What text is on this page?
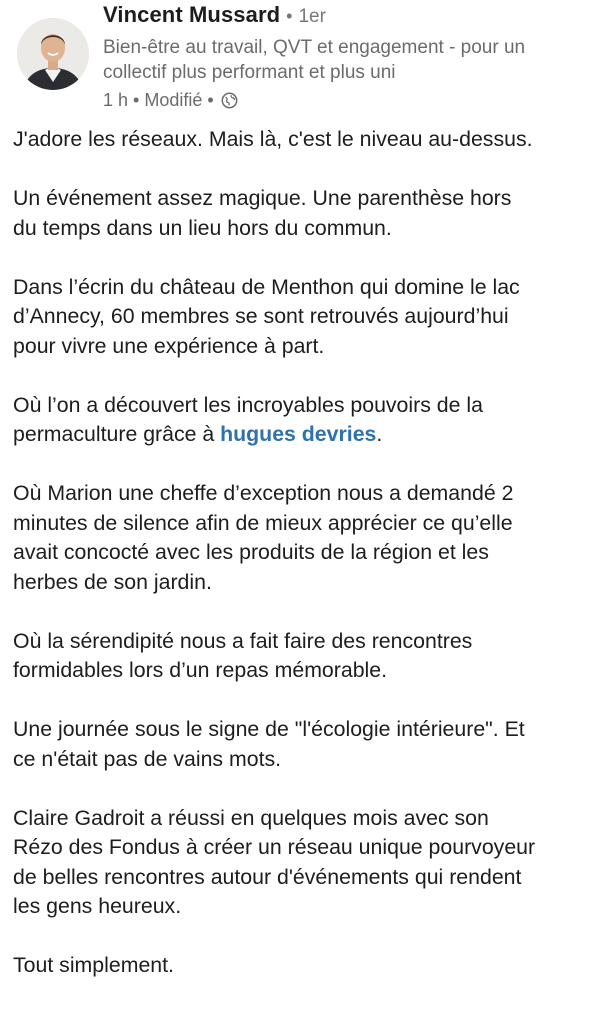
Vincent Mussard • 1er
Bien-être au travail, QVT et engagement - pour un
collectif plus performant et plus uni
1 h • Modifié •

J'adore les réseaux. Mais là, c'est le niveau au-dessus.

Un événement assez magique. Une parenthèse hors
du temps dans un lieu hors du commun.

Dans l’écrin du château de Menthon qui domine le lac
d’Annecy, 60 membres se sont retrouvés aujourd’hui
pour vivre une expérience à part.

Où l’on a découvert les incroyables pouvoirs de la
permaculture grâce à hugues devries.

Où Marion une cheffe d’exception nous a demandé 2
minutes de silence afin de mieux apprécier ce qu’elle
avait concocté avec les produits de la région et les
herbes de son jardin.

Où la sérendipité nous a fait faire des rencontres
formidables lors d’un repas mémorable.

Une journée sous le signe de "l'écologie intérieure". Et
ce n'était pas de vains mots.

Claire Gadroit a réussi en quelques mois avec son
Rézo des Fondus à créer un réseau unique pourvoyeur
de belles rencontres autour d'événements qui rendent
les gens heureux.

Tout simplement.
